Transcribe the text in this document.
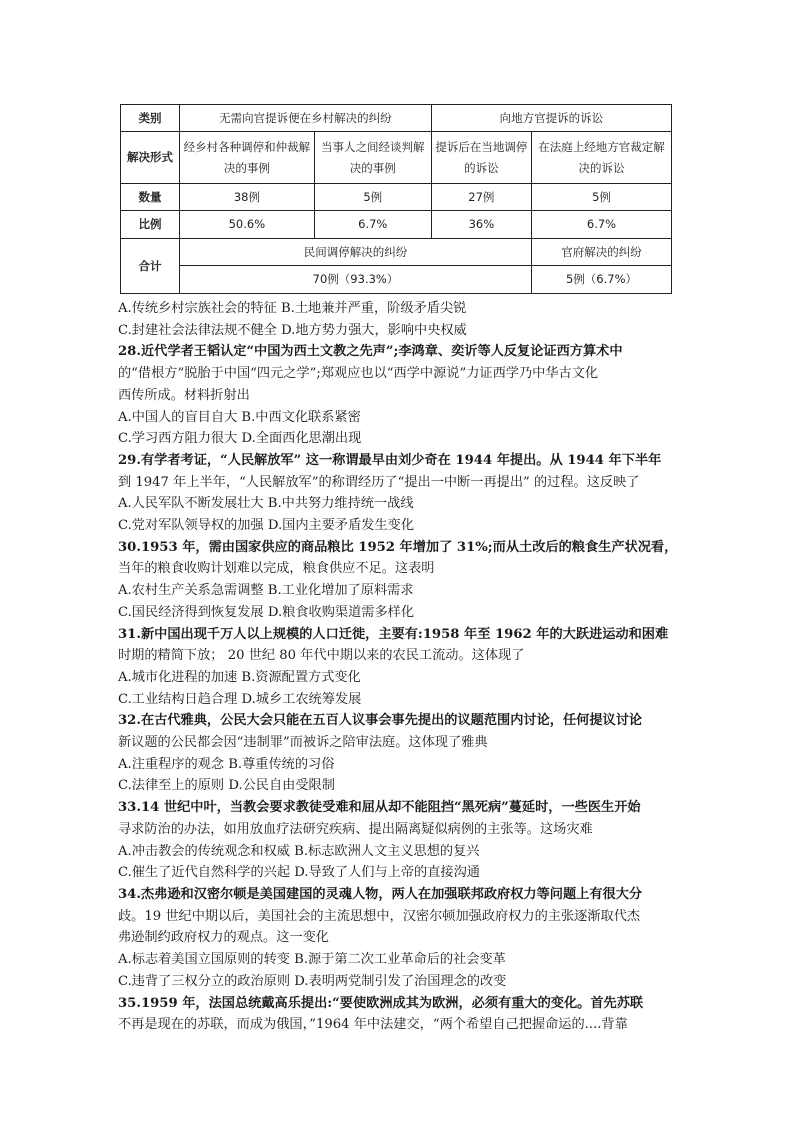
类别	无需向官提诉便在乡村解决的纠纷		向地方官提诉的诉讼	
解决形式	经乡村各种调停和仲裁解决的事例	当事人之间经谈判解决的事例	提诉后在当地调停的诉讼	在法庭上经地方官裁定解决的诉讼
数量	38例	5例	27例	5例
比例	50.6%	6.7%	36%	6.7%
合计	民间调停解决的纠纷			官府解决的纠纷
	70例（93.3%）			5例（6.7%）

A.传统乡村宗族社会的特征 B.土地兼并严重，阶级矛盾尖锐

C.封建社会法律法规不健全 D.地方势力强大，影响中央权威

28.近代学者王韬认定“中国为西土文教之先声”;李鸿章、奕䜣等人反复论证西方算术中

的“借根方”脱胎于中国“四元之学”;郑观应也以“西学中源说”力证西学乃中华古文化

西传所成。材料折射出

A.中国人的盲目自大 B.中西文化联系紧密

C.学习西方阻力很大 D.全面西化思潮出现

29.有学者考证，“人民解放军” 这一称谓最早由刘少奇在 1944 年提出。从 1944 年下半年

到 1947 年上半年，“人民解放军”的称谓经历了“提出一中断一再提出” 的过程。这反映了

A.人民军队不断发展壮大 B.中共努力维持统一战线

C.党对军队领导权的加强 D.国内主要矛盾发生变化

30.1953 年，需由国家供应的商品粮比 1952 年增加了 31%;而从土改后的粮食生产状况看，

当年的粮食收购计划难以完成，粮食供应不足。这表明

A.农村生产关系急需调整 B.工业化增加了原料需求

C.国民经济得到恢复发展 D.粮食收购渠道需多样化

31.新中国出现千万人以上规模的人口迁徙，主要有:1958 年至 1962 年的大跃进运动和困难

时期的精简下放； 20 世纪 80 年代中期以来的农民工流动。这体现了

A.城市化进程的加速 B.资源配置方式变化

C.工业结构日趋合理 D.城乡工农统筹发展

32.在古代雅典，公民大会只能在五百人议事会事先提出的议题范围内讨论，任何提议讨论

新议题的公民都会因“违制罪”而被诉之陪审法庭。这体现了雅典

A.注重程序的观念 B.尊重传统的习俗

C.法律至上的原则 D.公民自由受限制

33.14 世纪中叶，当教会要求教徒受难和屈从却不能阻挡“黑死病”蔓延时，一些医生开始

寻求防治的办法，如用放血疗法研究疾病、提出隔离疑似病例的主张等。这场灾难

A.冲击教会的传统观念和权威 B.标志欧洲人文主义思想的复兴

C.催生了近代自然科学的兴起 D.导致了人们与上帝的直接沟通

34.杰弗逊和汉密尔顿是美国建国的灵魂人物，两人在加强联邦政府权力等问题上有很大分

歧。19 世纪中期以后，美国社会的主流思想中，汉密尔顿加强政府权力的主张逐渐取代杰

弗逊制约政府权力的观点。这一变化

A.标志着美国立国原则的转变 B.源于第二次工业革命后的社会变革

C.违背了三权分立的政治原则 D.表明两党制引发了治国理念的改变

35.1959 年，法国总统戴高乐提出:“要使欧洲成其为欧洲，必须有重大的变化。首先苏联

不再是现在的苏联，而成为俄国，”1964 年中法建交，“两个希望自己把握命运的....背靠
